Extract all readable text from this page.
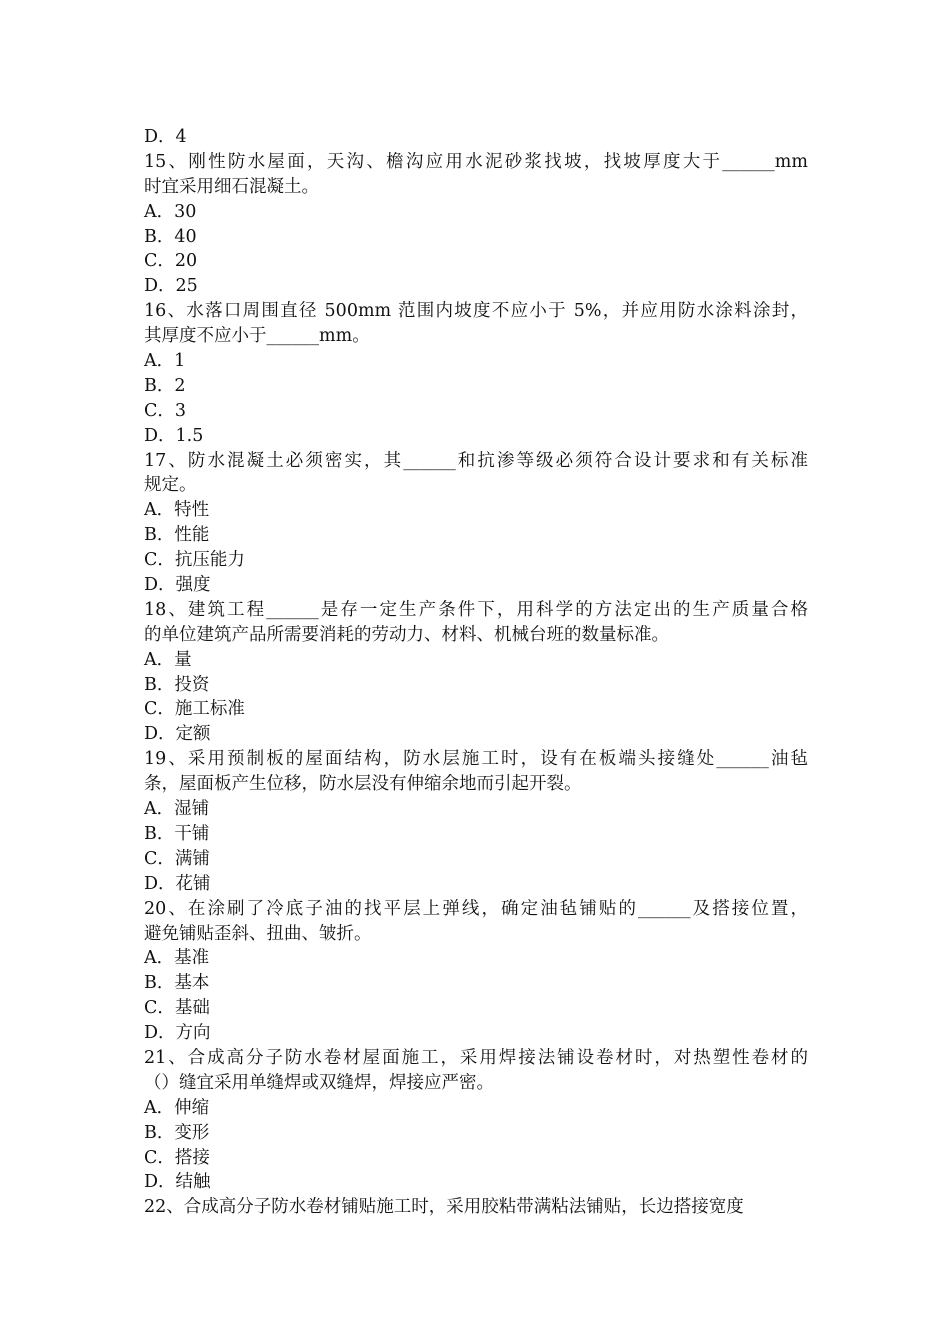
D．4
15、刚性防水屋面，天沟、檐沟应用水泥砂浆找坡，找坡厚度大于______mm
时宜采用细石混凝土。
A．30
B．40
C．20
D．25
16、水落口周围直径 500mm 范围内坡度不应小于 5%，并应用防水涂料涂封，
其厚度不应小于______mm。
A．1
B．2
C．3
D．1.5
17、防水混凝土必须密实，其______和抗渗等级必须符合设计要求和有关标准
规定。
A．特性
B．性能
C．抗压能力
D．强度
18、建筑工程______是存一定生产条件下，用科学的方法定出的生产质量合格
的单位建筑产品所需要消耗的劳动力、材料、机械台班的数量标准。
A．量
B．投资
C．施工标准
D．定额
19、采用预制板的屋面结构，防水层施工时，设有在板端头接缝处______油毡
条，屋面板产生位移，防水层没有伸缩余地而引起开裂。
A．湿铺
B．干铺
C．满铺
D．花铺
20、在涂刷了冷底子油的找平层上弹线，确定油毡铺贴的______及搭接位置，
避免铺贴歪斜、扭曲、皱折。
A．基准
B．基本
C．基础
D．方向
21、合成高分子防水卷材屋面施工，采用焊接法铺设卷材时，对热塑性卷材的
（）缝宜采用单缝焊或双缝焊，焊接应严密。
A．伸缩
B．变形
C．搭接
D．结触
22、合成高分子防水卷材铺贴施工时，采用胶粘带满粘法铺贴，长边搭接宽度
